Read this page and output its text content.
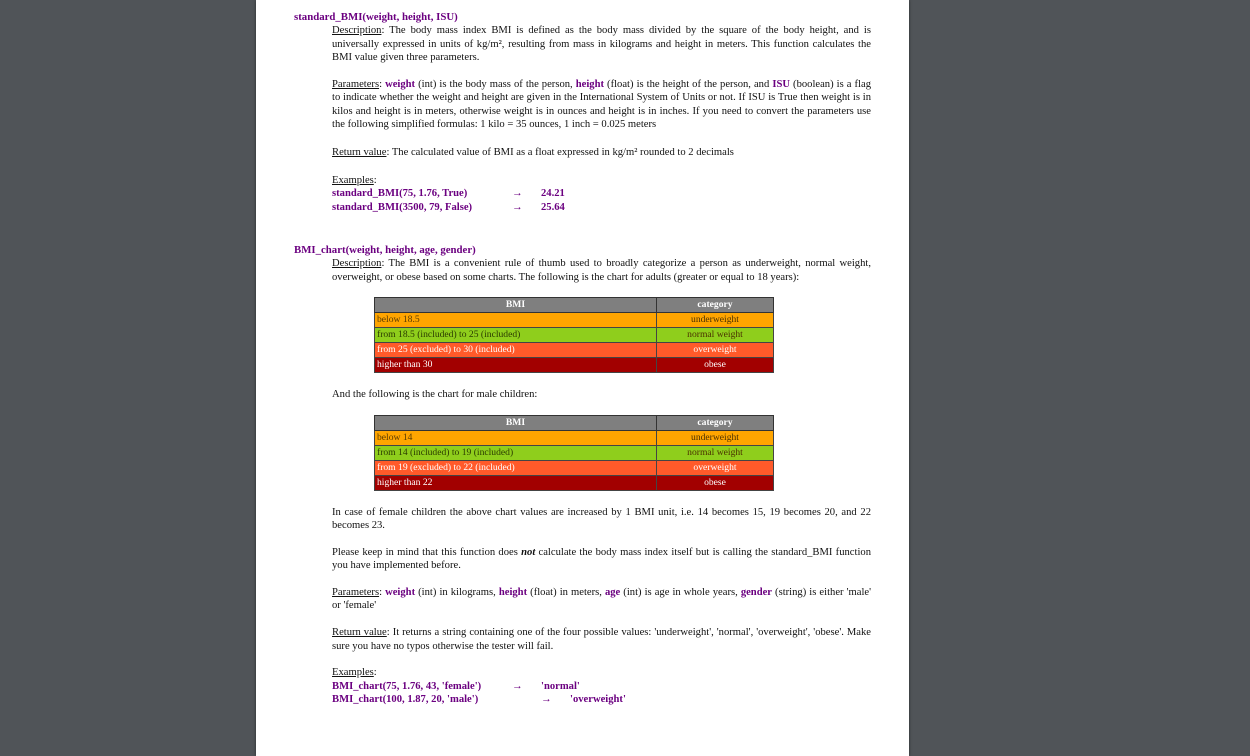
standard_BMI(weight, height, ISU)

Description: The body mass index BMI is defined as the body mass divided by the square of the body height, and is universally expressed in units of kg/m², resulting from mass in kilograms and height in meters. This function calculates the BMI value given three parameters.
Parameters: weight (int) is the body mass of the person, height (float) is the height of the person, and ISU (boolean) is a flag to indicate whether the weight and height are given in the International System of Units or not. If ISU is True then weight is in kilos and height is in meters, otherwise weight is in ounces and height is in inches. If you need to convert the parameters use the following simplified formulas: 1 kilo = 35 ounces, 1 inch = 0.025 meters
Return value: The calculated value of BMI as a float expressed in kg/m² rounded to 2 decimals
Examples:
standard_BMI(75, 1.76, True)	→	24.21
standard_BMI(3500, 79, False)	→	25.64

BMI_chart(weight, height, age, gender)

Description: The BMI is a convenient rule of thumb used to broadly categorize a person as underweight, normal weight, overweight, or obese based on some charts. The following is the chart for adults (greater or equal to 18 years):
BMI	category
below 18.5	underweight
from 18.5 (included) to 25 (included)	normal weight
from 25 (excluded) to 30 (included)	overweight
higher than 30	obese
And the following is the chart for male children:
BMI	category
below 14	underweight
from 14 (included) to 19 (included)	normal weight
from 19 (excluded) to 22 (included)	overweight
higher than 22	obese
In case of female children the above chart values are increased by 1 BMI unit, i.e. 14 becomes 15, 19 becomes 20, and 22 becomes 23.
Please keep in mind that this function does not calculate the body mass index itself but is calling the standard_BMI function you have implemented before.
Parameters: weight (int) in kilograms, height (float) in meters, age (int) is age in whole years, gender (string) is either 'male' or 'female'
Return value: It returns a string containing one of the four possible values: 'underweight', 'normal', 'overweight', 'obese'. Make sure you have no typos otherwise the tester will fail.
Examples:
BMI_chart(75, 1.76, 43, 'female')	→	'normal'
BMI_chart(100, 1.87, 20, 'male')	→	'overweight'
